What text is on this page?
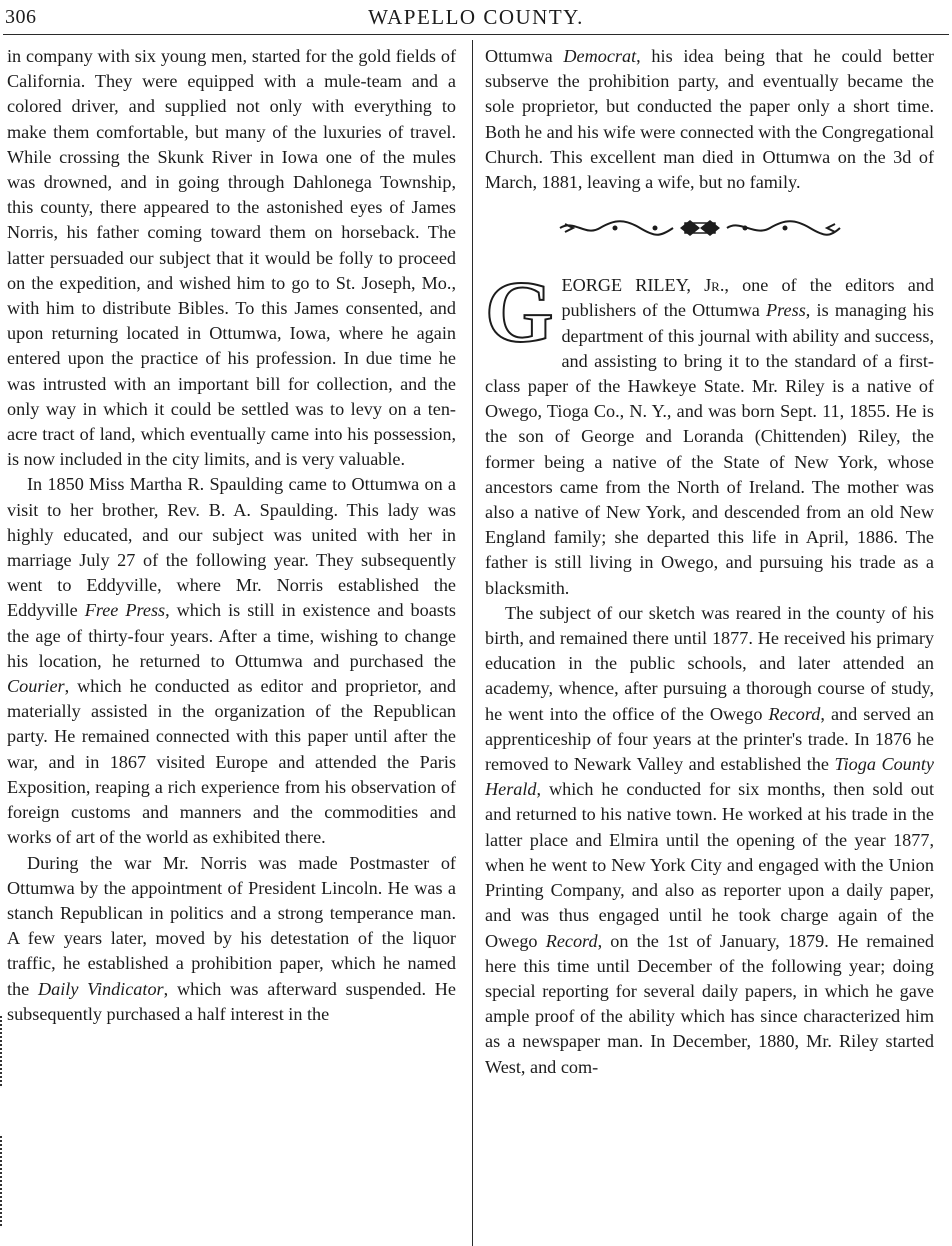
306	WAPELLO COUNTY.

in company with six young men, started for the gold fields of California. They were equipped with a mule-team and a colored driver, and supplied not only with everything to make them comfortable, but many of the luxuries of travel. While crossing the Skunk River in Iowa one of the mules was drowned, and in going through Dahlonega Township, this county, there appeared to the astonished eyes of James Norris, his father coming toward them on horseback. The latter persuaded our subject that it would be folly to proceed on the expedition, and wished him to go to St. Joseph, Mo., with him to distribute Bibles. To this James consented, and upon returning located in Ottumwa, Iowa, where he again entered upon the practice of his profession. In due time he was intrusted with an important bill for collection, and the only way in which it could be settled was to levy on a ten-acre tract of land, which eventually came into his possession, is now included in the city limits, and is very valuable.

In 1850 Miss Martha R. Spaulding came to Ottumwa on a visit to her brother, Rev. B. A. Spaulding. This lady was highly educated, and our subject was united with her in marriage July 27 of the following year. They subsequently went to Eddyville, where Mr. Norris established the Eddyville Free Press, which is still in existence and boasts the age of thirty-four years. After a time, wishing to change his location, he returned to Ottumwa and purchased the Courier, which he conducted as editor and proprietor, and materially assisted in the organization of the Republican party. He remained connected with this paper until after the war, and in 1867 visited Europe and attended the Paris Exposition, reaping a rich experience from his observation of foreign customs and manners and the commodities and works of art of the world as exhibited there.

During the war Mr. Norris was made Postmaster of Ottumwa by the appointment of President Lincoln. He was a stanch Republican in politics and a strong temperance man. A few years later, moved by his detestation of the liquor traffic, he established a prohibition paper, which he named the Daily Vindicator, which was afterward suspended. He subsequently purchased a half interest in the

Ottumwa Democrat, his idea being that he could better subserve the prohibition party, and eventually became the sole proprietor, but conducted the paper only a short time. Both he and his wife were connected with the Congregational Church. This excellent man died in Ottumwa on the 3d of March, 1881, leaving a wife, but no family.

GEORGE RILEY, Jr., one of the editors and publishers of the Ottumwa Press, is managing his department of this journal with ability and success, and assisting to bring it to the standard of a first-class paper of the Hawkeye State. Mr. Riley is a native of Owego, Tioga Co., N. Y., and was born Sept. 11, 1855. He is the son of George and Loranda (Chittenden) Riley, the former being a native of the State of New York, whose ancestors came from the North of Ireland. The mother was also a native of New York, and descended from an old New England family; she departed this life in April, 1886. The father is still living in Owego, and pursuing his trade as a blacksmith.

The subject of our sketch was reared in the county of his birth, and remained there until 1877. He received his primary education in the public schools, and later attended an academy, whence, after pursuing a thorough course of study, he went into the office of the Owego Record, and served an apprenticeship of four years at the printer's trade. In 1876 he removed to Newark Valley and established the Tioga County Herald, which he conducted for six months, then sold out and returned to his native town. He worked at his trade in the latter place and Elmira until the opening of the year 1877, when he went to New York City and engaged with the Union Printing Company, and also as reporter upon a daily paper, and was thus engaged until he took charge again of the Owego Record, on the 1st of January, 1879. He remained here this time until December of the following year; doing special reporting for several daily papers, in which he gave ample proof of the ability which has since characterized him as a newspaper man. In December, 1880, Mr. Riley started West, and com-
